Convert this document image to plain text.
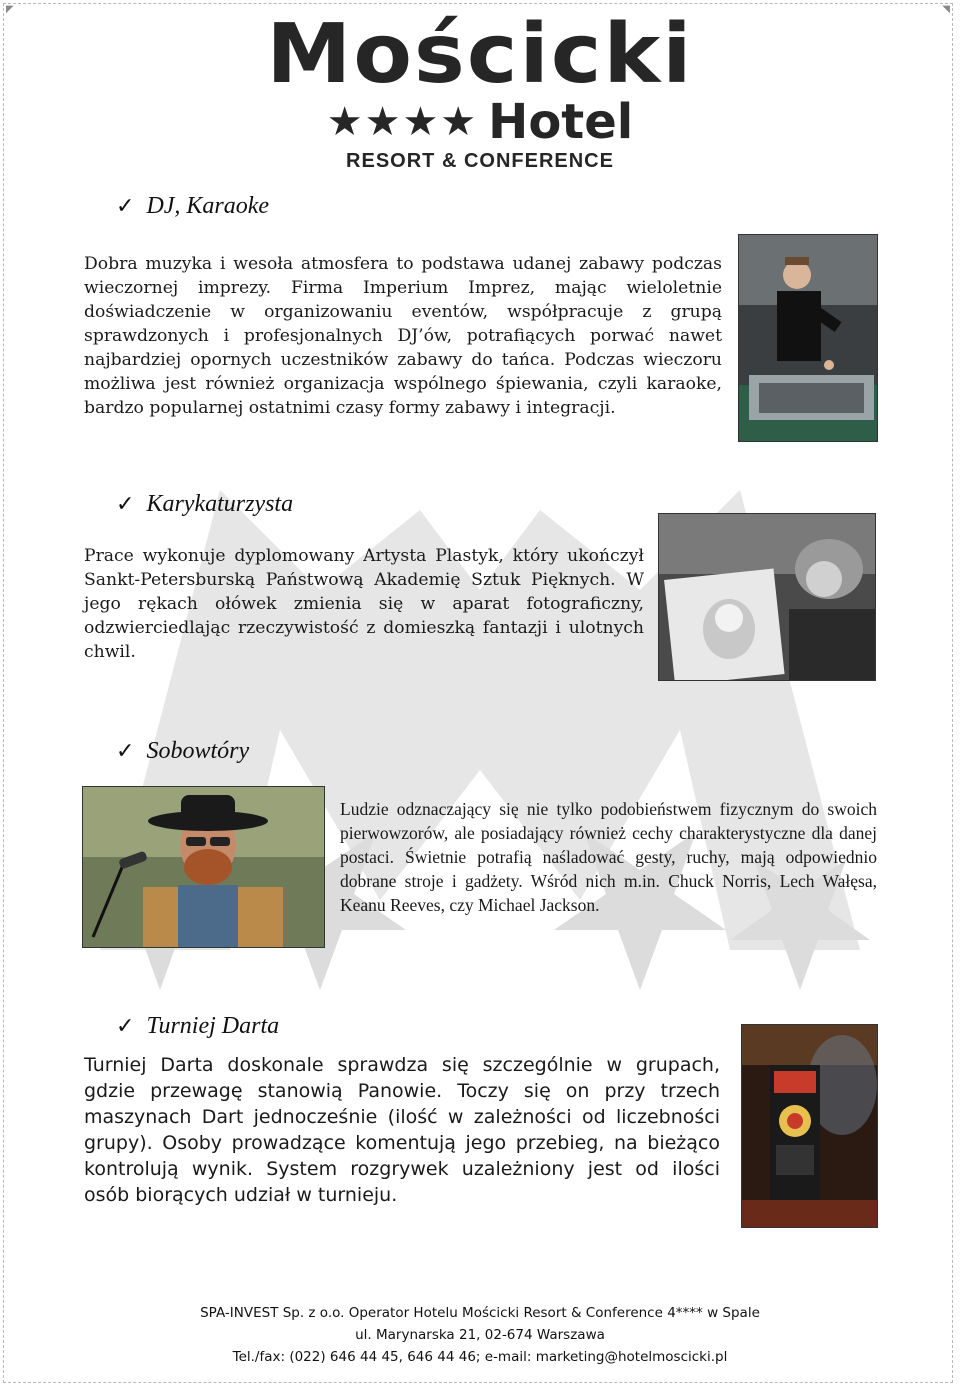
◤	◥
Mościcki
★★★★ Hotel
RESORT & CONFERENCE
✓ DJ, Karaoke

Dobra muzyka i wesoła atmosfera to podstawa udanej zabawy podczas wieczornej imprezy. Firma Imperium Imprez, mając wieloletnie doświadczenie w organizowaniu eventów, współpracuje z grupą sprawdzonych i profesjonalnych DJ’ów, potrafiących porwać nawet najbardziej opornych uczestników zabawy do tańca. Podczas wieczoru możliwa jest również organizacja wspólnego śpiewania, czyli karaoke, bardzo popularnej ostatnimi czasy formy zabawy i integracji.

✓ Karykaturzysta

Prace wykonuje dyplomowany Artysta Plastyk, który ukończył Sankt-Petersburską Państwową Akademię Sztuk Pięknych. W jego rękach ołówek zmienia się w aparat fotograficzny, odzwierciedlając rzeczywistość z domieszką fantazji i ulotnych chwil.

✓ Sobowtóry

Ludzie odznaczający się nie tylko podobieństwem fizycznym do swoich pierwowzorów, ale posiadający również cechy charakterystyczne dla danej postaci. Świetnie potrafią naśladować gesty, ruchy, mają odpowiednio dobrane stroje i gadżety. Wśród nich m.in. Chuck Norris, Lech Wałęsa, Keanu Reeves, czy Michael Jackson.

✓ Turniej Darta

Turniej Darta doskonale sprawdza się szczególnie w grupach, gdzie przewagę stanowią Panowie. Toczy się on przy trzech maszynach Dart jednocześnie (ilość w zależności od liczebności grupy). Osoby prowadzące komentują jego przebieg, na bieżąco kontrolują wynik. System rozgrywek uzależniony jest od ilości osób biorących udział w turnieju.

SPA-INVEST Sp. z o.o. Operator Hotelu Mościcki Resort & Conference 4**** w Spale
ul. Marynarska 21, 02-674 Warszawa
Tel./fax: (022) 646 44 45, 646 44 46; e-mail: marketing@hotelmoscicki.pl
